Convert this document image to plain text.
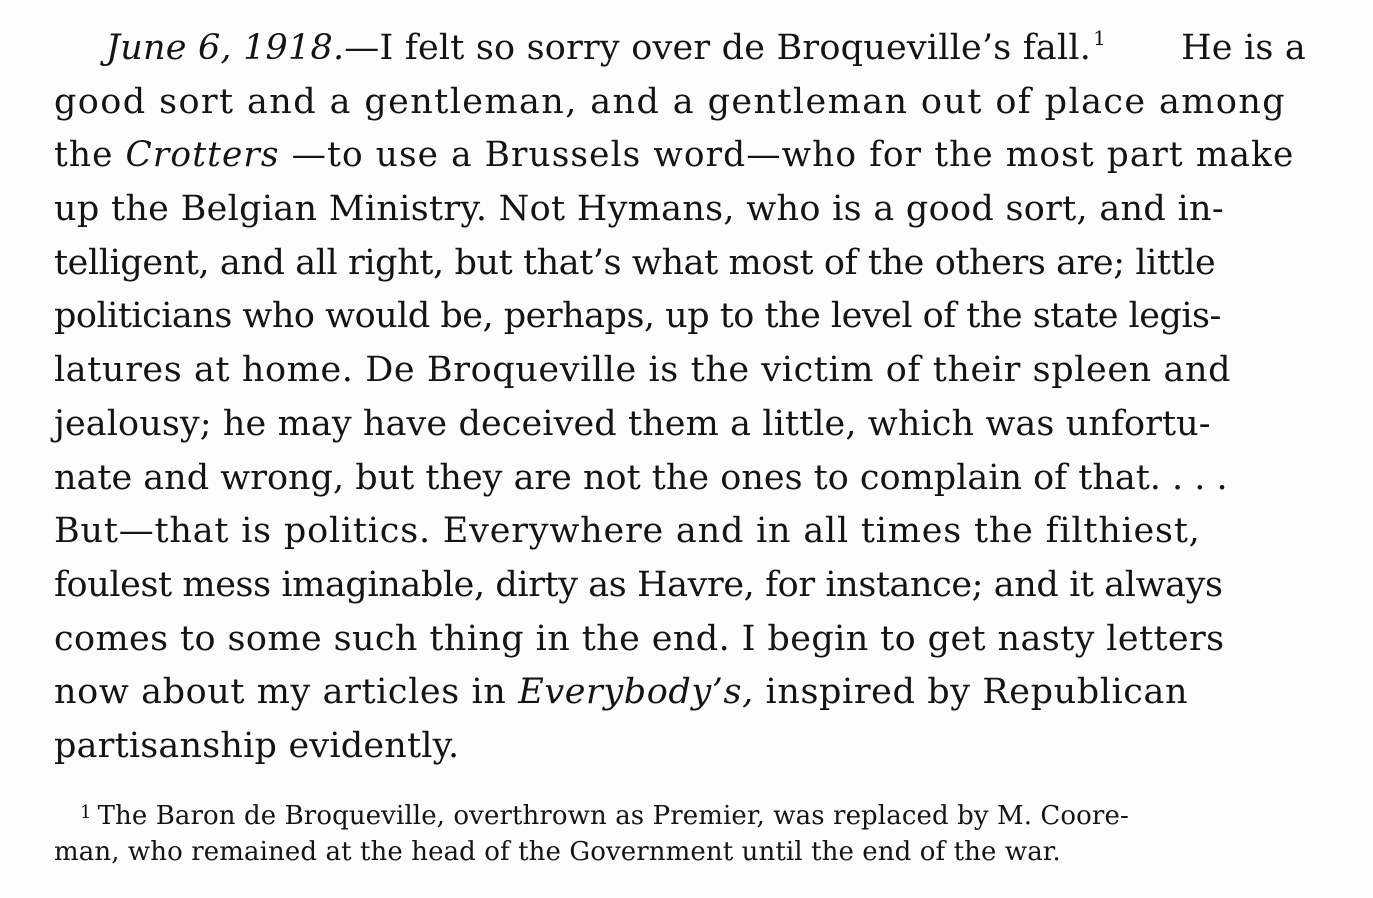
June 6, 1918.—I felt so sorry over de Broqueville’s fall. $^1$ He is a
good sort and a gentleman, and a gentleman out of place among
the Crotters —to use a Brussels word—who for the most part make
up the Belgian Ministry. Not Hymans, who is a good sort, and in-
telligent, and all right, but that’s what most of the others are; little
politicians who would be, perhaps, up to the level of the state legis-
latures at home. De Broqueville is the victim of their spleen and
jealousy; he may have deceived them a little, which was unfortu-
nate and wrong, but they are not the ones to complain of that. . . .
But—that is politics. Everywhere and in all times the filthiest,
foulest mess imaginable, dirty as Havre, for instance; and it always
comes to some such thing in the end. I begin to get nasty letters
now about my articles in Everybody’s, inspired by Republican
partisanship evidently.
$^1$ The Baron de Broqueville, overthrown as Premier, was replaced by M. Coore-
man, who remained at the head of the Government until the end of the war.
